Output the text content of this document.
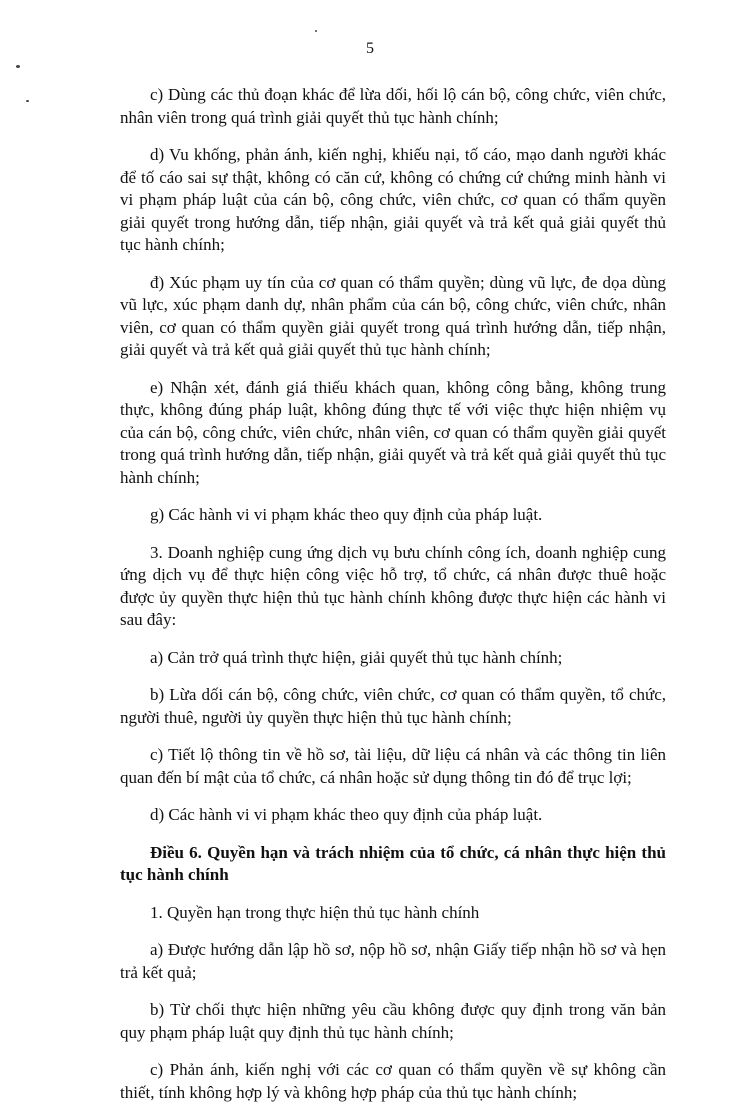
5

c) Dùng các thủ đoạn khác để lừa dối, hối lộ cán bộ, công chức, viên chức, nhân viên trong quá trình giải quyết thủ tục hành chính;

d) Vu khống, phản ánh, kiến nghị, khiếu nại, tố cáo, mạo danh người khác để tố cáo sai sự thật, không có căn cứ, không có chứng cứ chứng minh hành vi vi phạm pháp luật của cán bộ, công chức, viên chức, cơ quan có thẩm quyền giải quyết trong hướng dẫn, tiếp nhận, giải quyết và trả kết quả giải quyết thủ tục hành chính;

đ) Xúc phạm uy tín của cơ quan có thẩm quyền; dùng vũ lực, đe dọa dùng vũ lực, xúc phạm danh dự, nhân phẩm của cán bộ, công chức, viên chức, nhân viên, cơ quan có thẩm quyền giải quyết trong quá trình hướng dẫn, tiếp nhận, giải quyết và trả kết quả giải quyết thủ tục hành chính;

e) Nhận xét, đánh giá thiếu khách quan, không công bằng, không trung thực, không đúng pháp luật, không đúng thực tế với việc thực hiện nhiệm vụ của cán bộ, công chức, viên chức, nhân viên, cơ quan có thẩm quyền giải quyết trong quá trình hướng dẫn, tiếp nhận, giải quyết và trả kết quả giải quyết thủ tục hành chính;

g) Các hành vi vi phạm khác theo quy định của pháp luật.

3. Doanh nghiệp cung ứng dịch vụ bưu chính công ích, doanh nghiệp cung ứng dịch vụ để thực hiện công việc hỗ trợ, tổ chức, cá nhân được thuê hoặc được ủy quyền thực hiện thủ tục hành chính không được thực hiện các hành vi sau đây:

a) Cản trở quá trình thực hiện, giải quyết thủ tục hành chính;

b) Lừa dối cán bộ, công chức, viên chức, cơ quan có thẩm quyền, tổ chức, người thuê, người ủy quyền thực hiện thủ tục hành chính;

c) Tiết lộ thông tin về hồ sơ, tài liệu, dữ liệu cá nhân và các thông tin liên quan đến bí mật của tổ chức, cá nhân hoặc sử dụng thông tin đó để trục lợi;

d) Các hành vi vi phạm khác theo quy định của pháp luật.

Điều 6. Quyền hạn và trách nhiệm của tổ chức, cá nhân thực hiện thủ tục hành chính

1. Quyền hạn trong thực hiện thủ tục hành chính

a) Được hướng dẫn lập hồ sơ, nộp hồ sơ, nhận Giấy tiếp nhận hồ sơ và hẹn trả kết quả;

b) Từ chối thực hiện những yêu cầu không được quy định trong văn bản quy phạm pháp luật quy định thủ tục hành chính;

c) Phản ánh, kiến nghị với các cơ quan có thẩm quyền về sự không cần thiết, tính không hợp lý và không hợp pháp của thủ tục hành chính;
